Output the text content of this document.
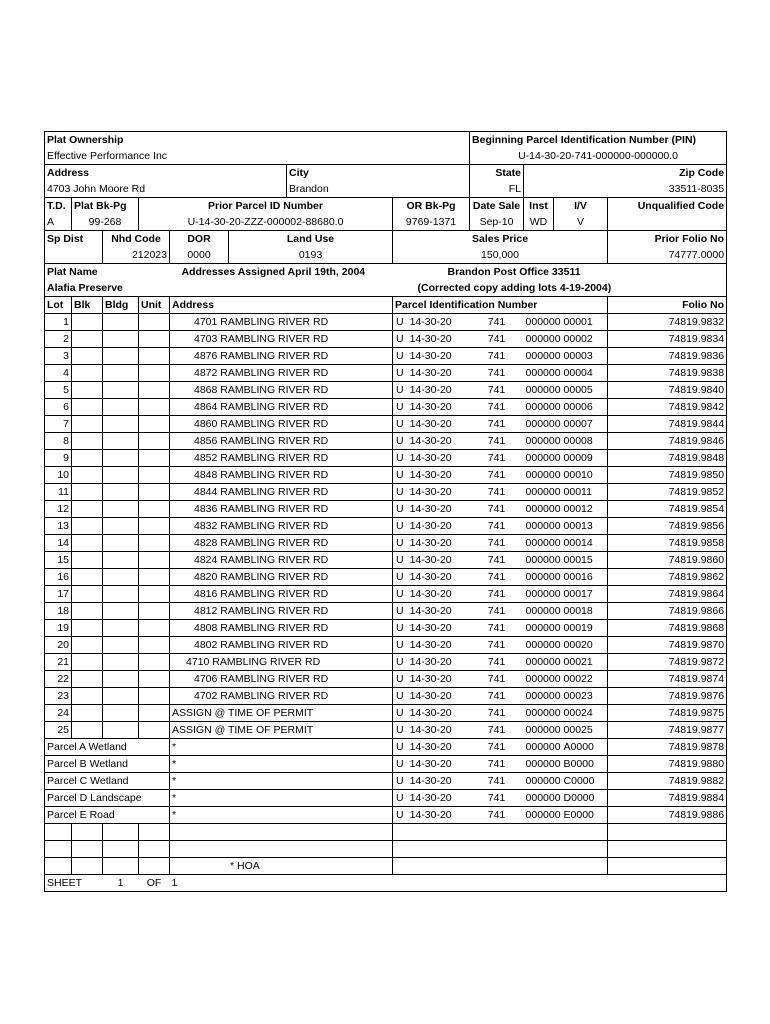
Plat Ownership									Beginning Parcel Identification Number (PIN)			
Effective Performance Inc									U-14-30-20-741-000000-000000.0			
Address						City			State	Zip Code		
4703 John Moore Rd						Brandon			FL	33511-8035		
T.D.	Plat Bk-Pg		Prior Parcel ID Number				OR Bk-Pg		Date Sale	Inst	I/V	Unqualified Code
A	99-268		U-14-30-20-ZZZ-000002-88680.0				9769-1371		Sep-10	WD	V	
Sp Dist		Nhd Code		DOR	Land Use		Sales Price					Prior Folio No
		212023		0000	0193		150,000					74777.0000
Plat Name				Addresses Assigned April 19th, 2004				Brandon Post Office 33511				
Alafia Preserve							(Corrected copy adding lots 4-19-2004)					
Lot	Blk	Bldg	Unit	Address			Parcel Identification Number					Folio No
1				4701 RAMBLING RIVER RD			U 14-30-20		741	000000	00001	74819.9832
2				4703 RAMBLING RIVER RD			U 14-30-20		741	000000	00002	74819.9834
3				4876 RAMBLING RIVER RD			U 14-30-20		741	000000	00003	74819.9836
4				4872 RAMBLING RIVER RD			U 14-30-20		741	000000	00004	74819.9838
5				4868 RAMBLING RIVER RD			U 14-30-20		741	000000	00005	74819.9840
6				4864 RAMBLING RIVER RD			U 14-30-20		741	000000	00006	74819.9842
7				4860 RAMBLING RIVER RD			U 14-30-20		741	000000	00007	74819.9844
8				4856 RAMBLING RIVER RD			U 14-30-20		741	000000	00008	74819.9846
9				4852 RAMBLING RIVER RD			U 14-30-20		741	000000	00009	74819.9848
10				4848 RAMBLING RIVER RD			U 14-30-20		741	000000	00010	74819.9850
11				4844 RAMBLING RIVER RD			U 14-30-20		741	000000	00011	74819.9852
12				4836 RAMBLING RIVER RD			U 14-30-20		741	000000	00012	74819.9854
13				4832 RAMBLING RIVER RD			U 14-30-20		741	000000	00013	74819.9856
14				4828 RAMBLING RIVER RD			U 14-30-20		741	000000	00014	74819.9858
15				4824 RAMBLING RIVER RD			U 14-30-20		741	000000	00015	74819.9860
16				4820 RAMBLING RIVER RD			U 14-30-20		741	000000	00016	74819.9862
17				4816 RAMBLING RIVER RD			U 14-30-20		741	000000	00017	74819.9864
18				4812 RAMBLING RIVER RD			U 14-30-20		741	000000	00018	74819.9866
19				4808 RAMBLING RIVER RD			U 14-30-20		741	000000	00019	74819.9868
20				4802 RAMBLING RIVER RD			U 14-30-20		741	000000	00020	74819.9870
21				4710 RAMBLING RIVER RD			U 14-30-20		741	000000	00021	74819.9872
22				4706 RAMBLING RIVER RD			U 14-30-20		741	000000	00022	74819.9874
23				4702 RAMBLING RIVER RD			U 14-30-20		741	000000	00023	74819.9876
24				ASSIGN @ TIME OF PERMIT			U 14-30-20		741	000000	00024	74819.9875
25				ASSIGN @ TIME OF PERMIT			U 14-30-20		741	000000	00025	74819.9877
Parcel A Wetland				*			U 14-30-20		741	000000	A0000	74819.9878
Parcel B Wetland				*			U 14-30-20		741	000000	B0000	74819.9880
Parcel C Wetland				*			U 14-30-20		741	000000	C0000	74819.9882
Parcel D Landscape				*			U 14-30-20		741	000000	D0000	74819.9884
Parcel E Road				*			U 14-30-20		741	000000	E0000	74819.9886

				* HOA								
SHEET		1	OF	1								
